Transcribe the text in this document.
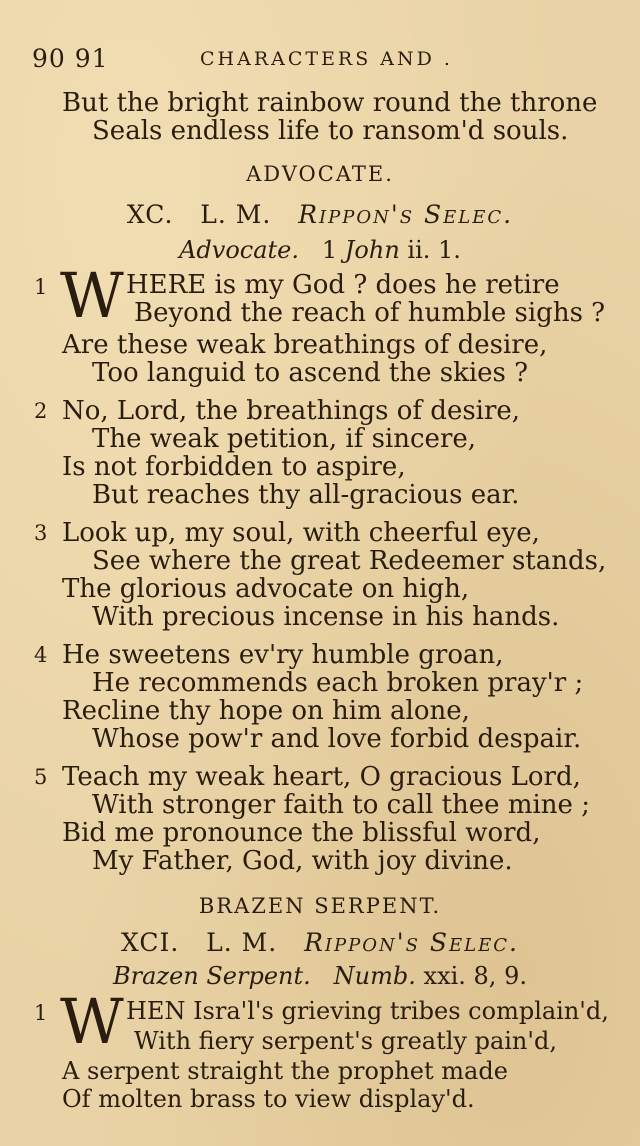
90 91	CHARACTERS AND .
But the bright rainbow round the throne
Seals endless life to ransom'd souls.
ADVOCATE.
XC. L. M. Rippon's Selec.
Advocate. 1 John ii. 1.
1 W HERE is my God ? does he retire
Beyond the reach of humble sighs ?
Are these weak breathings of desire,
Too languid to ascend the skies ?
2 No, Lord, the breathings of desire,
The weak petition, if sincere,
Is not forbidden to aspire,
But reaches thy all-gracious ear.
3 Look up, my soul, with cheerful eye,
See where the great Redeemer stands,
The glorious advocate on high,
With precious incense in his hands.
4 He sweetens ev'ry humble groan,
He recommends each broken pray'r ;
Recline thy hope on him alone,
Whose pow'r and love forbid despair.
5 Teach my weak heart, O gracious Lord,
With stronger faith to call thee mine ;
Bid me pronounce the blissful word,
My Father, God, with joy divine.
BRAZEN SERPENT.
XCI. L. M. Rippon's Selec.
Brazen Serpent. Numb. xxi. 8, 9.
1 W HEN Isra'l's grieving tribes complain'd,
With fiery serpent's greatly pain'd,
A serpent straight the prophet made
Of molten brass to view display'd.
